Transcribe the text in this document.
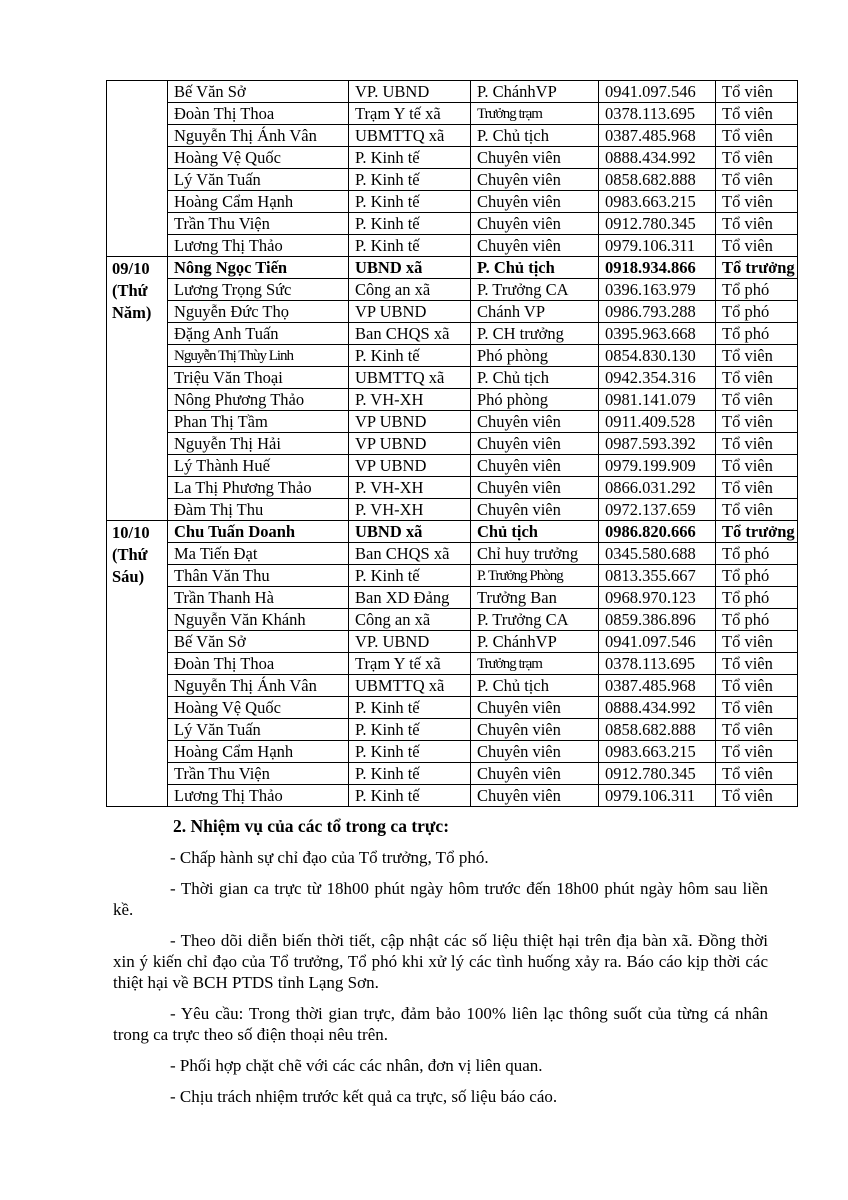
	Bế Văn Sở	VP. UBND	P. ChánhVP	0941.097.546	Tổ viên
	Đoàn Thị Thoa	Trạm Y tế xã	Trưởng trạm	0378.113.695	Tổ viên
	Nguyễn Thị Ánh Vân	UBMTTQ xã	P. Chủ tịch	0387.485.968	Tổ viên
	Hoàng Vệ Quốc	P. Kinh tế	Chuyên viên	0888.434.992	Tổ viên
	Lý Văn Tuấn	P. Kinh tế	Chuyên viên	0858.682.888	Tổ viên
	Hoàng Cẩm Hạnh	P. Kinh tế	Chuyên viên	0983.663.215	Tổ viên
	Trần Thu Viện	P. Kinh tế	Chuyên viên	0912.780.345	Tổ viên
	Lương Thị Thảo	P. Kinh tế	Chuyên viên	0979.106.311	Tổ viên
09/10 (Thứ Năm)	Nông Ngọc Tiến	UBND xã	P. Chủ tịch	0918.934.866	Tổ trưởng
	Lương Trọng Sức	Công an xã	P. Trưởng CA	0396.163.979	Tổ phó
	Nguyễn Đức Thọ	VP UBND	Chánh VP	0986.793.288	Tổ phó
	Đặng Anh Tuấn	Ban CHQS xã	P. CH trưởng	0395.963.668	Tổ phó
	Nguyễn Thị Thùy Linh	P. Kinh tế	Phó phòng	0854.830.130	Tổ viên
	Triệu Văn Thoại	UBMTTQ xã	P. Chủ tịch	0942.354.316	Tổ viên
	Nông Phương Thảo	P. VH-XH	Phó phòng	0981.141.079	Tổ viên
	Phan Thị Tầm	VP UBND	Chuyên viên	0911.409.528	Tổ viên
	Nguyễn Thị Hải	VP UBND	Chuyên viên	0987.593.392	Tổ viên
	Lý Thành Huế	VP UBND	Chuyên viên	0979.199.909	Tổ viên
	La Thị Phương Thảo	P. VH-XH	Chuyên viên	0866.031.292	Tổ viên
	Đàm Thị Thu	P. VH-XH	Chuyên viên	0972.137.659	Tổ viên
10/10 (Thứ Sáu)	Chu Tuấn Doanh	UBND xã	Chủ tịch	0986.820.666	Tổ trưởng
	Ma Tiến Đạt	Ban CHQS xã	Chỉ huy trưởng	0345.580.688	Tổ phó
	Thân Văn Thu	P. Kinh tế	P. Trưởng Phòng	0813.355.667	Tổ phó
	Trần Thanh Hà	Ban XD Đảng	Trưởng Ban	0968.970.123	Tổ phó
	Nguyễn Văn Khánh	Công an xã	P. Trưởng CA	0859.386.896	Tổ phó
	Bế Văn Sở	VP. UBND	P. ChánhVP	0941.097.546	Tổ viên
	Đoàn Thị Thoa	Trạm Y tế xã	Trưởng trạm	0378.113.695	Tổ viên
	Nguyễn Thị Ánh Vân	UBMTTQ xã	P. Chủ tịch	0387.485.968	Tổ viên
	Hoàng Vệ Quốc	P. Kinh tế	Chuyên viên	0888.434.992	Tổ viên
	Lý Văn Tuấn	P. Kinh tế	Chuyên viên	0858.682.888	Tổ viên
	Hoàng Cẩm Hạnh	P. Kinh tế	Chuyên viên	0983.663.215	Tổ viên
	Trần Thu Viện	P. Kinh tế	Chuyên viên	0912.780.345	Tổ viên
	Lương Thị Thảo	P. Kinh tế	Chuyên viên	0979.106.311	Tổ viên
2. Nhiệm vụ của các tổ trong ca trực:

- Chấp hành sự chỉ đạo của Tổ trưởng, Tổ phó.

- Thời gian ca trực từ 18h00 phút ngày hôm trước đến 18h00 phút ngày hôm sau liền kề.

- Theo dõi diễn biến thời tiết, cập nhật các số liệu thiệt hại trên địa bàn xã. Đồng thời xin ý kiến chỉ đạo của Tổ trưởng, Tổ phó khi xử lý các tình huống xảy ra. Báo cáo kịp thời các thiệt hại về BCH PTDS tỉnh Lạng Sơn.

- Yêu cầu: Trong thời gian trực, đảm bảo 100% liên lạc thông suốt của từng cá nhân trong ca trực theo số điện thoại nêu trên.

- Phối hợp chặt chẽ với các các nhân, đơn vị liên quan.

- Chịu trách nhiệm trước kết quả ca trực, số liệu báo cáo.
